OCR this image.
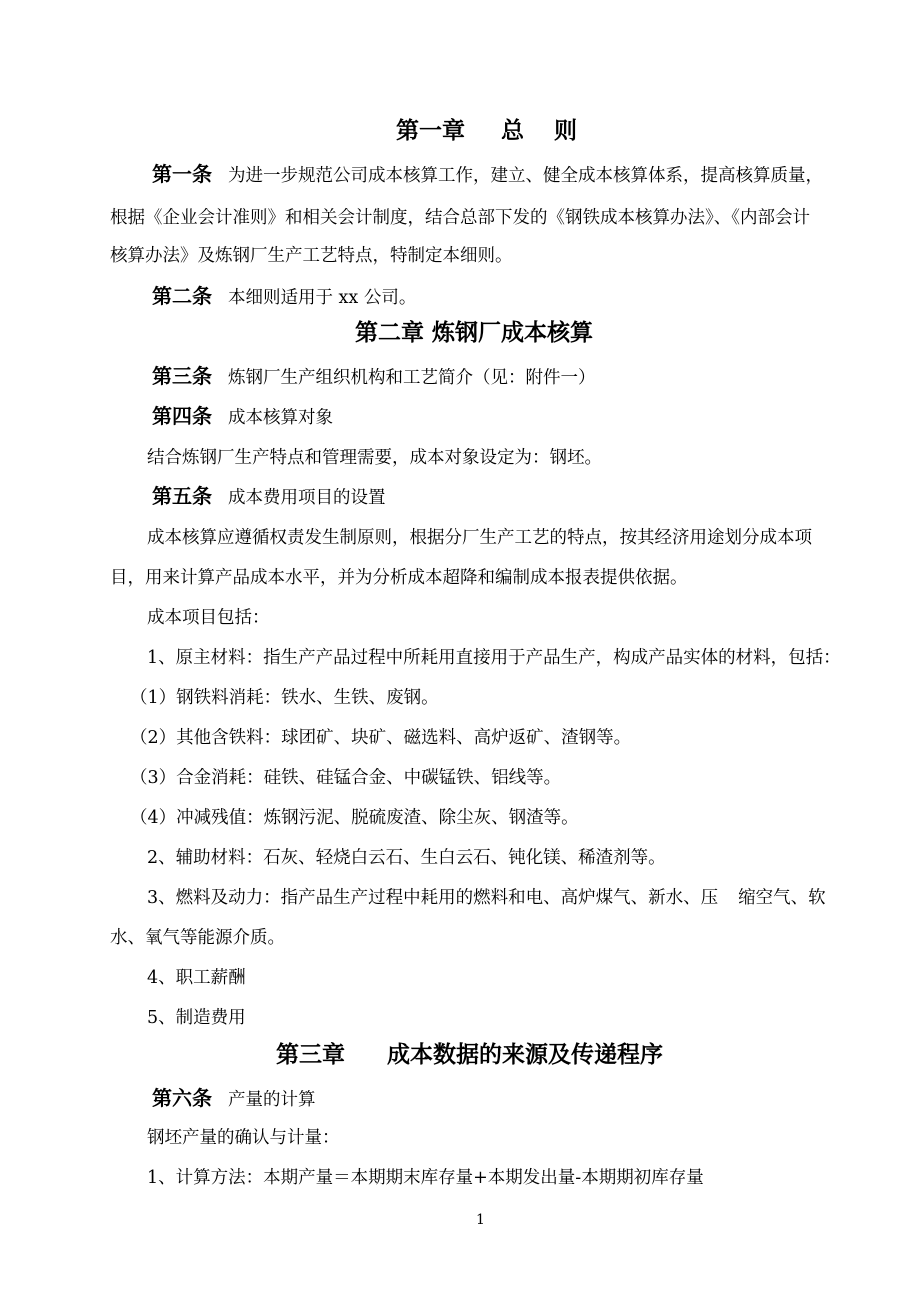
第一章 总 则
第一条 为进一步规范公司成本核算工作，建立、健全成本核算体系，提高核算质量，
根据《企业会计准则》和相关会计制度，结合总部下发的《钢铁成本核算办法》、《内部会计
核算办法》及炼钢厂生产工艺特点，特制定本细则。
第二条 本细则适用于 xx 公司。
第二章 炼钢厂成本核算
第三条 炼钢厂生产组织机构和工艺简介（见：附件一）
第四条 成本核算对象
结合炼钢厂生产特点和管理需要，成本对象设定为：钢坯。
第五条 成本费用项目的设置
成本核算应遵循权责发生制原则，根据分厂生产工艺的特点，按其经济用途划分成本项
目，用来计算产品成本水平，并为分析成本超降和编制成本报表提供依据。
成本项目包括：
1、原主材料：指生产产品过程中所耗用直接用于产品生产，构成产品实体的材料，包括：
（1）钢铁料消耗：铁水、生铁、废钢。
（2）其他含铁料：球团矿、块矿、磁选料、高炉返矿、渣钢等。
（3）合金消耗：硅铁、硅锰合金、中碳锰铁、铝线等。
（4）冲减残值：炼钢污泥、脱硫废渣、除尘灰、钢渣等。
2、辅助材料：石灰、轻烧白云石、生白云石、钝化镁、稀渣剂等。
3、燃料及动力：指产品生产过程中耗用的燃料和电、高炉煤气、新水、压 缩空气、软
水、氧气等能源介质。
4、职工薪酬
5、制造费用
第三章 成本数据的来源及传递程序
第六条 产量的计算
钢坯产量的确认与计量：
1、计算方法：本期产量＝本期期末库存量+本期发出量-本期期初库存量
1
